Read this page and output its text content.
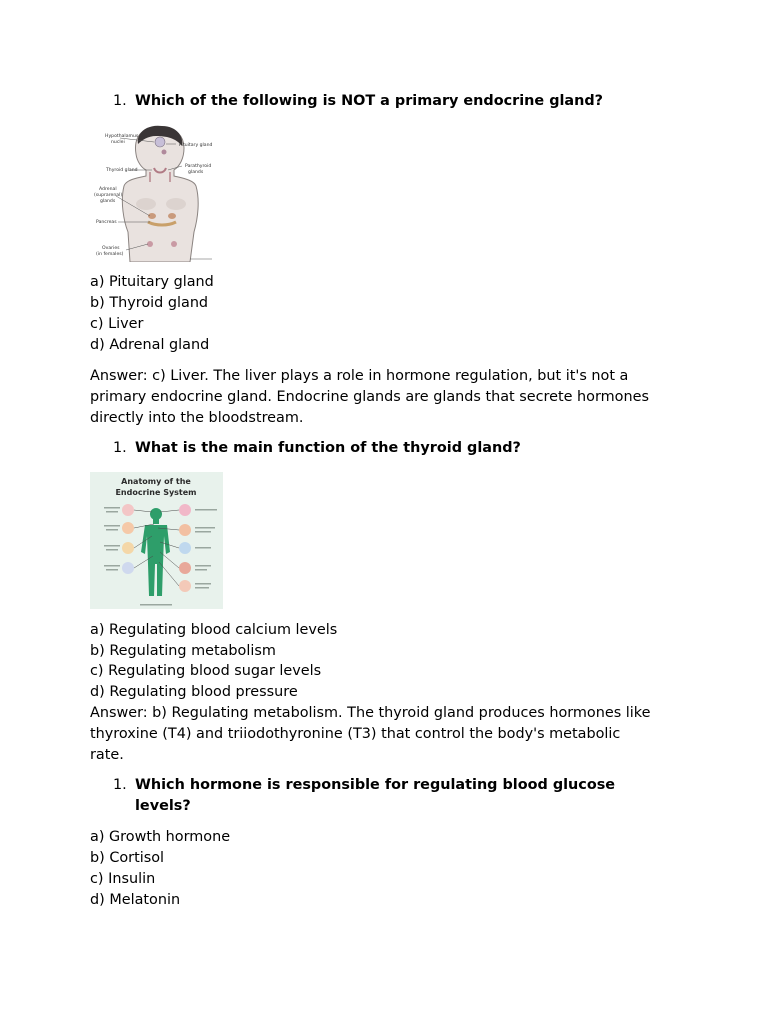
1. Which of the following is NOT a primary endocrine gland?
Hypothalamus
nuclei
Thyroid gland
Adrenal
(suprarenal)
glands
Pancreas
Ovaries
(in females)
Pituitary gland
Parathyroid
glands
a) Pituitary gland
b) Thyroid gland
c) Liver
d) Adrenal gland
Answer: c) Liver. The liver plays a role in hormone regulation, but it's not a
primary endocrine gland. Endocrine glands are glands that secrete hormones
directly into the bloodstream.
1. What is the main function of the thyroid gland?
Anatomy of the
Endocrine System
a) Regulating blood calcium levels
b) Regulating metabolism
c) Regulating blood sugar levels
d) Regulating blood pressure
Answer: b) Regulating metabolism. The thyroid gland produces hormones like
thyroxine (T4) and triiodothyronine (T3) that control the body's metabolic
rate.
1. Which hormone is responsible for regulating blood glucose
levels?
a) Growth hormone
b) Cortisol
c) Insulin
d) Melatonin
